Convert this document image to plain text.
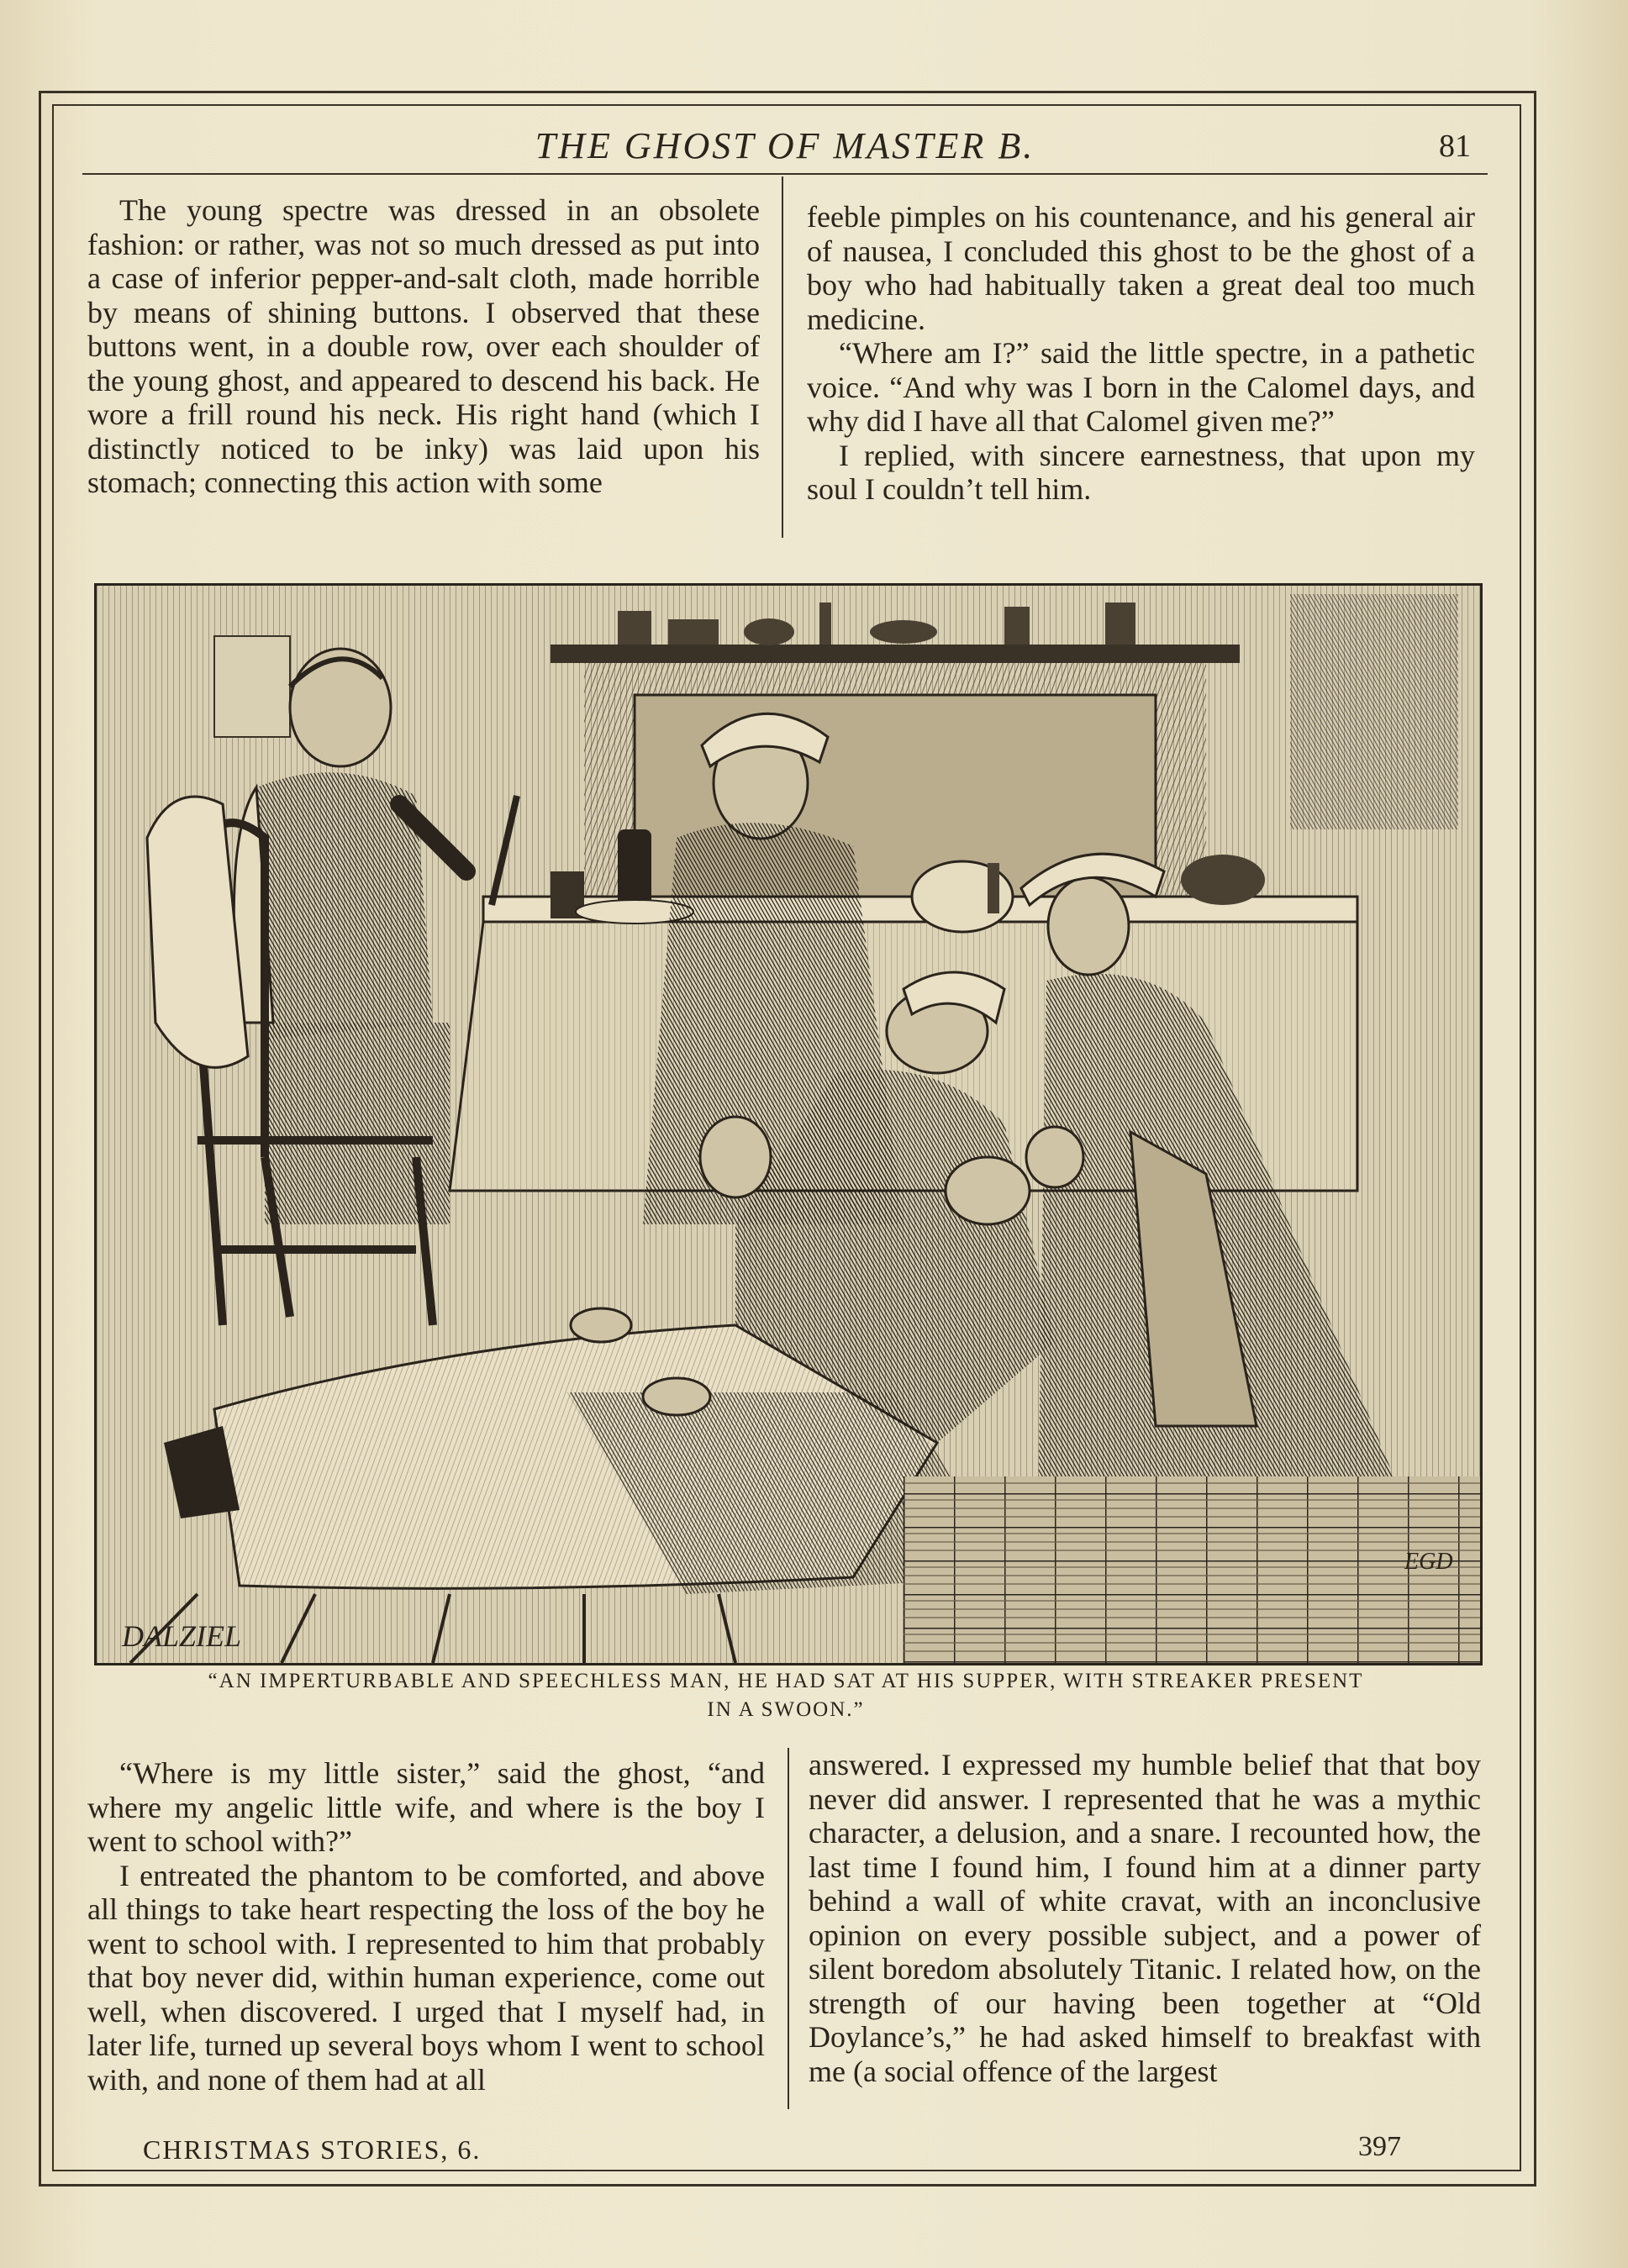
THE GHOST OF MASTER B.	81

The young spectre was dressed in an obsolete fashion: or rather, was not so much dressed as put into a case of inferior pepper-and-salt cloth, made horrible by means of shining buttons. I observed that these buttons went, in a double row, over each shoulder of the young ghost, and appeared to descend his back. He wore a frill round his neck. His right hand (which I distinctly noticed to be inky) was laid upon his stomach; connecting this action with some

feeble pimples on his countenance, and his general air of nausea, I concluded this ghost to be the ghost of a boy who had habitually taken a great deal too much medicine.

“Where am I?” said the little spectre, in a pathetic voice. “And why was I born in the Calomel days, and why did I have all that Calomel given me?”

I replied, with sincere earnestness, that upon my soul I couldn’t tell him.

DALZIEL
EGD
“AN IMPERTURBABLE AND SPEECHLESS MAN, HE HAD SAT AT HIS SUPPER, WITH STREAKER PRESENT
IN A SWOON.”

“Where is my little sister,” said the ghost, “and where my angelic little wife, and where is the boy I went to school with?”

I entreated the phantom to be comforted, and above all things to take heart respecting the loss of the boy he went to school with. I represented to him that probably that boy never did, within human experience, come out well, when discovered. I urged that I myself had, in later life, turned up several boys whom I went to school with, and none of them had at all

answered. I expressed my humble belief that that boy never did answer. I represented that he was a mythic character, a delusion, and a snare. I recounted how, the last time I found him, I found him at a dinner party behind a wall of white cravat, with an inconclusive opinion on every possible subject, and a power of silent boredom absolutely Titanic. I related how, on the strength of our having been together at “Old Doylance’s,” he had asked himself to breakfast with me (a social offence of the largest

CHRISTMAS STORIES, 6.	397
